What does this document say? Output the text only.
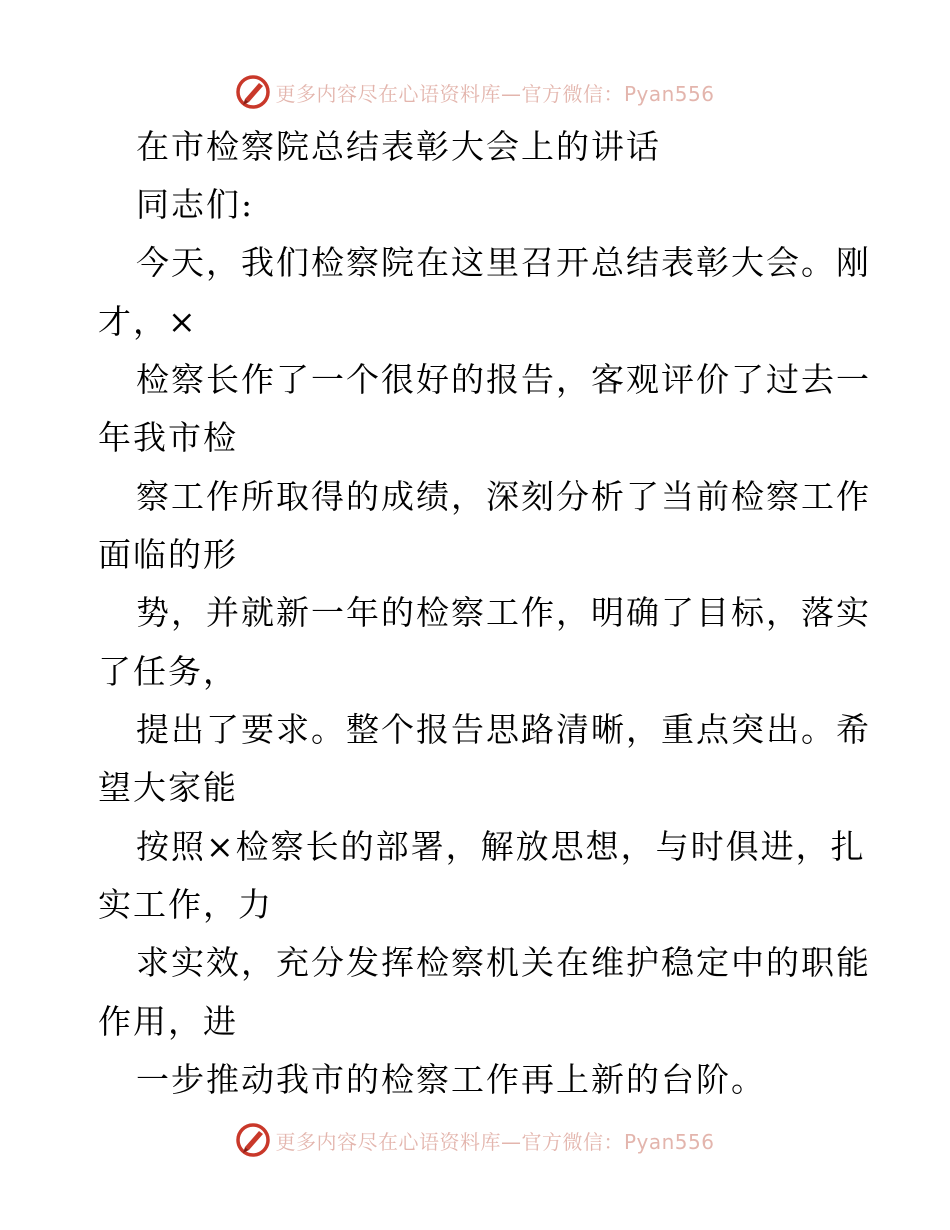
更多内容尽在心语资料库—官方微信：Pyan556
在市检察院总结表彰大会上的讲话
同志们:
今天，我们检察院在这里召开总结表彰大会。刚
才，×
检察长作了一个很好的报告，客观评价了过去一
年我市检
察工作所取得的成绩，深刻分析了当前检察工作
面临的形
势，并就新一年的检察工作，明确了目标，落实
了任务，
提出了要求。整个报告思路清晰，重点突出。希
望大家能
按照×检察长的部署，解放思想，与时俱进，扎
实工作，力
求实效，充分发挥检察机关在维护稳定中的职能
作用，进
一步推动我市的检察工作再上新的台阶。
更多内容尽在心语资料库—官方微信：Pyan556
